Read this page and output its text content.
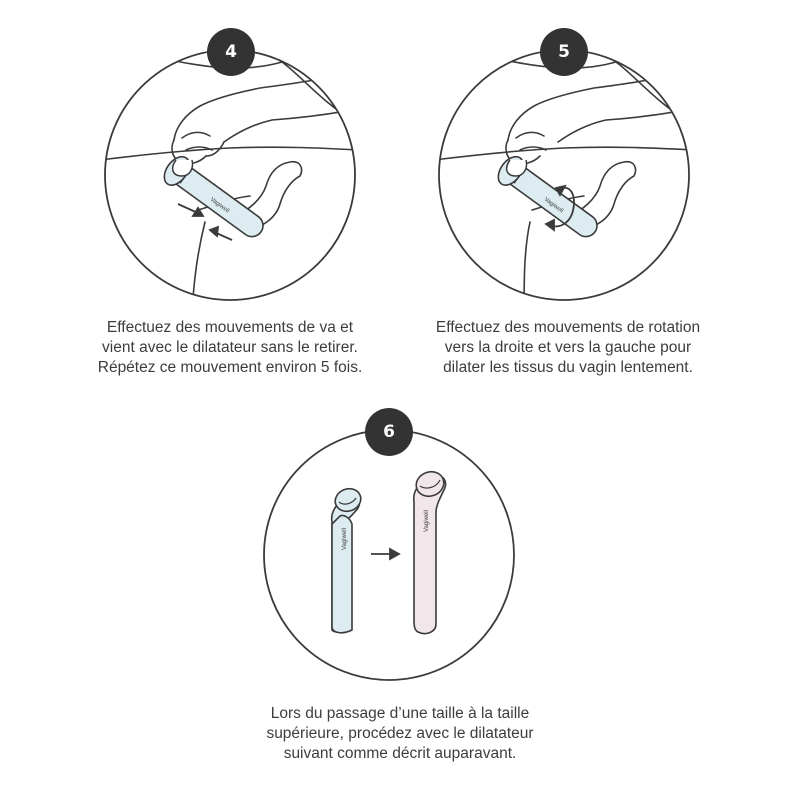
Vagiwell
4
Effectuez des mouvements de va et
vient avec le dilatateur sans le retirer.
Répétez ce mouvement environ 5 fois.
Vagiwell
5
Effectuez des mouvements de rotation
vers la droite et vers la gauche pour
dilater les tissus du vagin lentement.
Vagiwell
Vagiwell
6
Lors du passage d’une taille à la taille
supérieure, procédez avec le dilatateur
suivant comme décrit auparavant.
